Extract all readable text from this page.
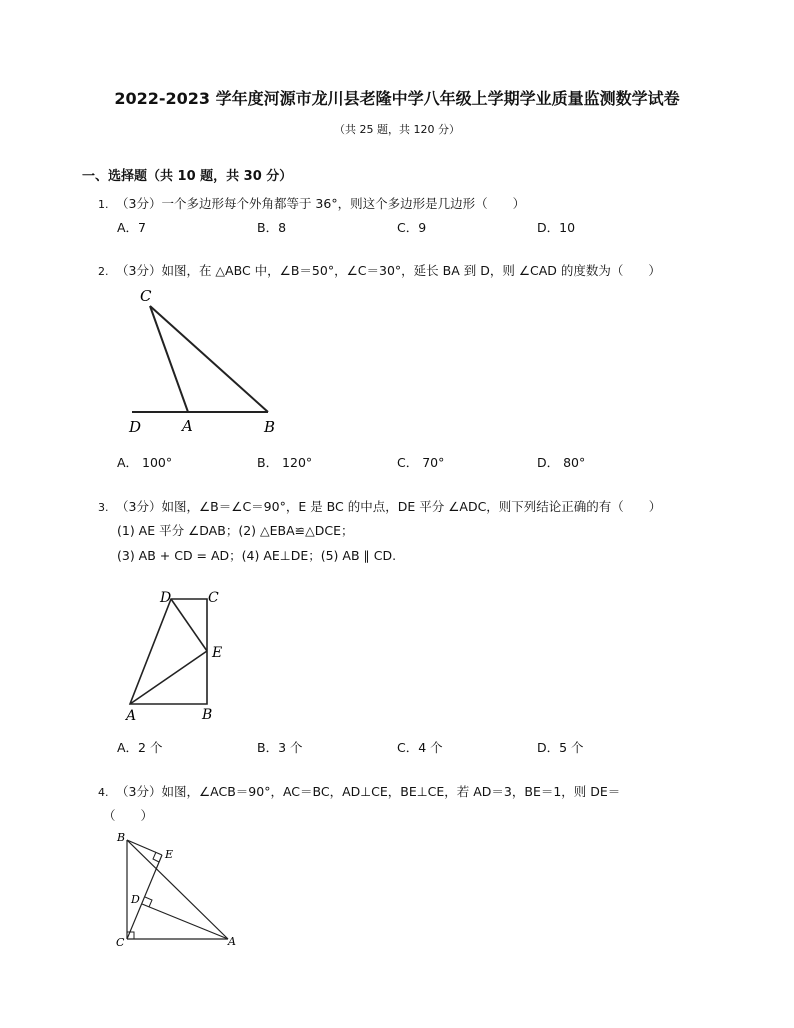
2022-2023 学年度河源市龙川县老隆中学八年级上学期学业质量监测数学试卷
（共 25 题，共 120 分）
一、选择题（共 10 题，共 30 分）
1. （3分）一个多边形每个外角都等于 36°，则这个多边形是几边形（　　）
A．7	B．8	C．9	D．10
2. （3分）如图，在 △ABC 中，∠B＝50°，∠C＝30°，延长 BA 到 D，则 ∠CAD 的度数为（　　）
C
D	A	B
A． 100°	B． 120°	C． 70°	D． 80°
3. （3分）如图，∠B＝∠C＝90°，E 是 BC 的中点，DE 平分 ∠ADC，则下列结论正确的有（　　）
(1) AE 平分 ∠DAB；(2) △EBA≌△DCE；
(3) AB + CD = AD；(4) AE⊥DE；(5) AB ∥ CD.
D	C
E
A	B
A．2 个	B．3 个	C．4 个	D．5 个
4. （3分）如图，∠ACB＝90°，AC＝BC，AD⊥CE，BE⊥CE，若 AD＝3，BE＝1，则 DE＝
（　　）
B
E
D
C	A
